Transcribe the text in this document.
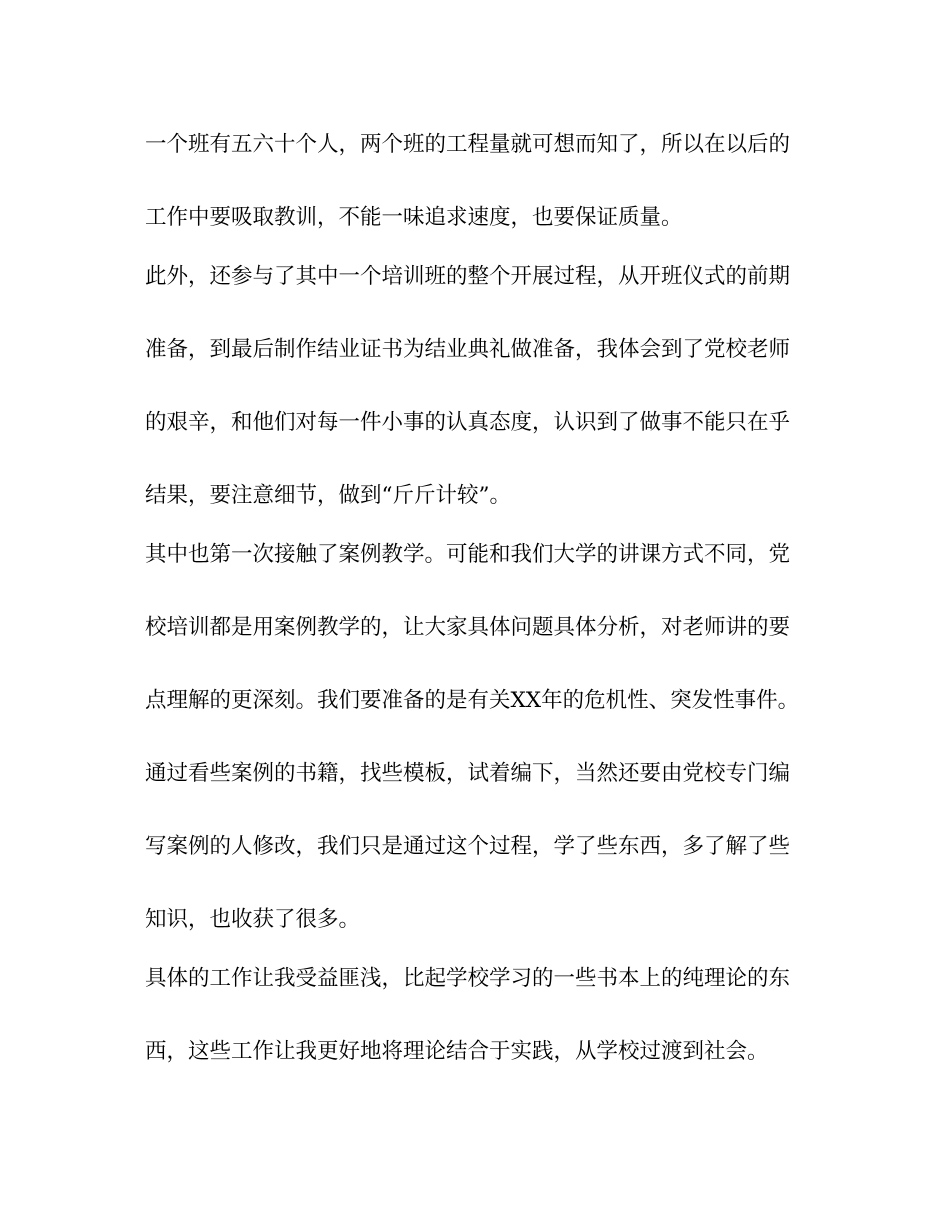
一个班有五六十个人，两个班的工程量就可想而知了，所以在以后的
工作中要吸取教训，不能一味追求速度，也要保证质量。
此外，还参与了其中一个培训班的整个开展过程，从开班仪式的前期
准备，到最后制作结业证书为结业典礼做准备，我体会到了党校老师
的艰辛，和他们对每一件小事的认真态度，认识到了做事不能只在乎
结果，要注意细节，做到“斤斤计较”。
其中也第一次接触了案例教学。可能和我们大学的讲课方式不同，党
校培训都是用案例教学的，让大家具体问题具体分析，对老师讲的要
点理解的更深刻。我们要准备的是有关XX年的危机性、突发性事件。
通过看些案例的书籍，找些模板，试着编下，当然还要由党校专门编
写案例的人修改，我们只是通过这个过程，学了些东西，多了解了些
知识，也收获了很多。
具体的工作让我受益匪浅，比起学校学习的一些书本上的纯理论的东
西，这些工作让我更好地将理论结合于实践，从学校过渡到社会。
